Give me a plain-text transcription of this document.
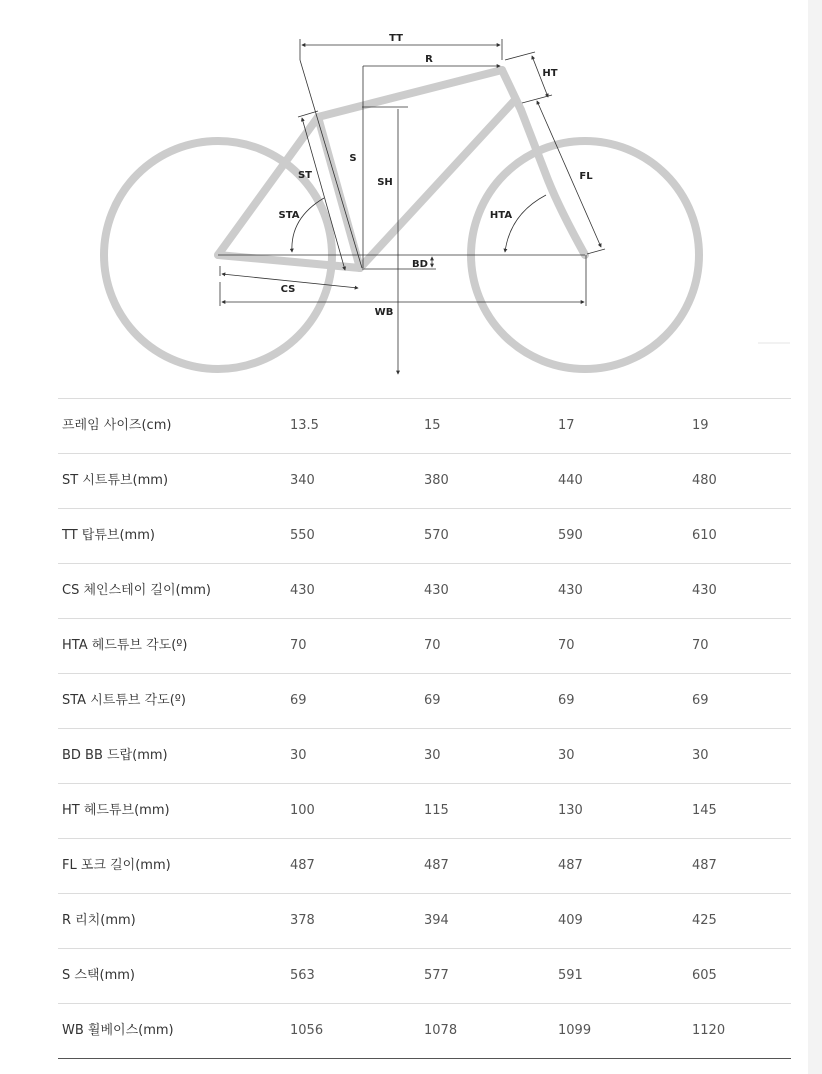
TT
R
HT
S
SH
ST	FL
STA	HTA
BD
CS
WB
프레임 사이즈(cm)	13.5	15	17	19
ST 시트튜브(mm)	340	380	440	480
TT 탑튜브(mm)	550	570	590	610
CS 체인스테이 길이(mm)	430	430	430	430
HTA 헤드튜브 각도(º)	70	70	70	70
STA 시트튜브 각도(º)	69	69	69	69
BD BB 드랍(mm)	30	30	30	30
HT 헤드튜브(mm)	100	115	130	145
FL 포크 길이(mm)	487	487	487	487
R 리치(mm)	378	394	409	425
S 스택(mm)	563	577	591	605
WB 휠베이스(mm)	1056	1078	1099	1120
